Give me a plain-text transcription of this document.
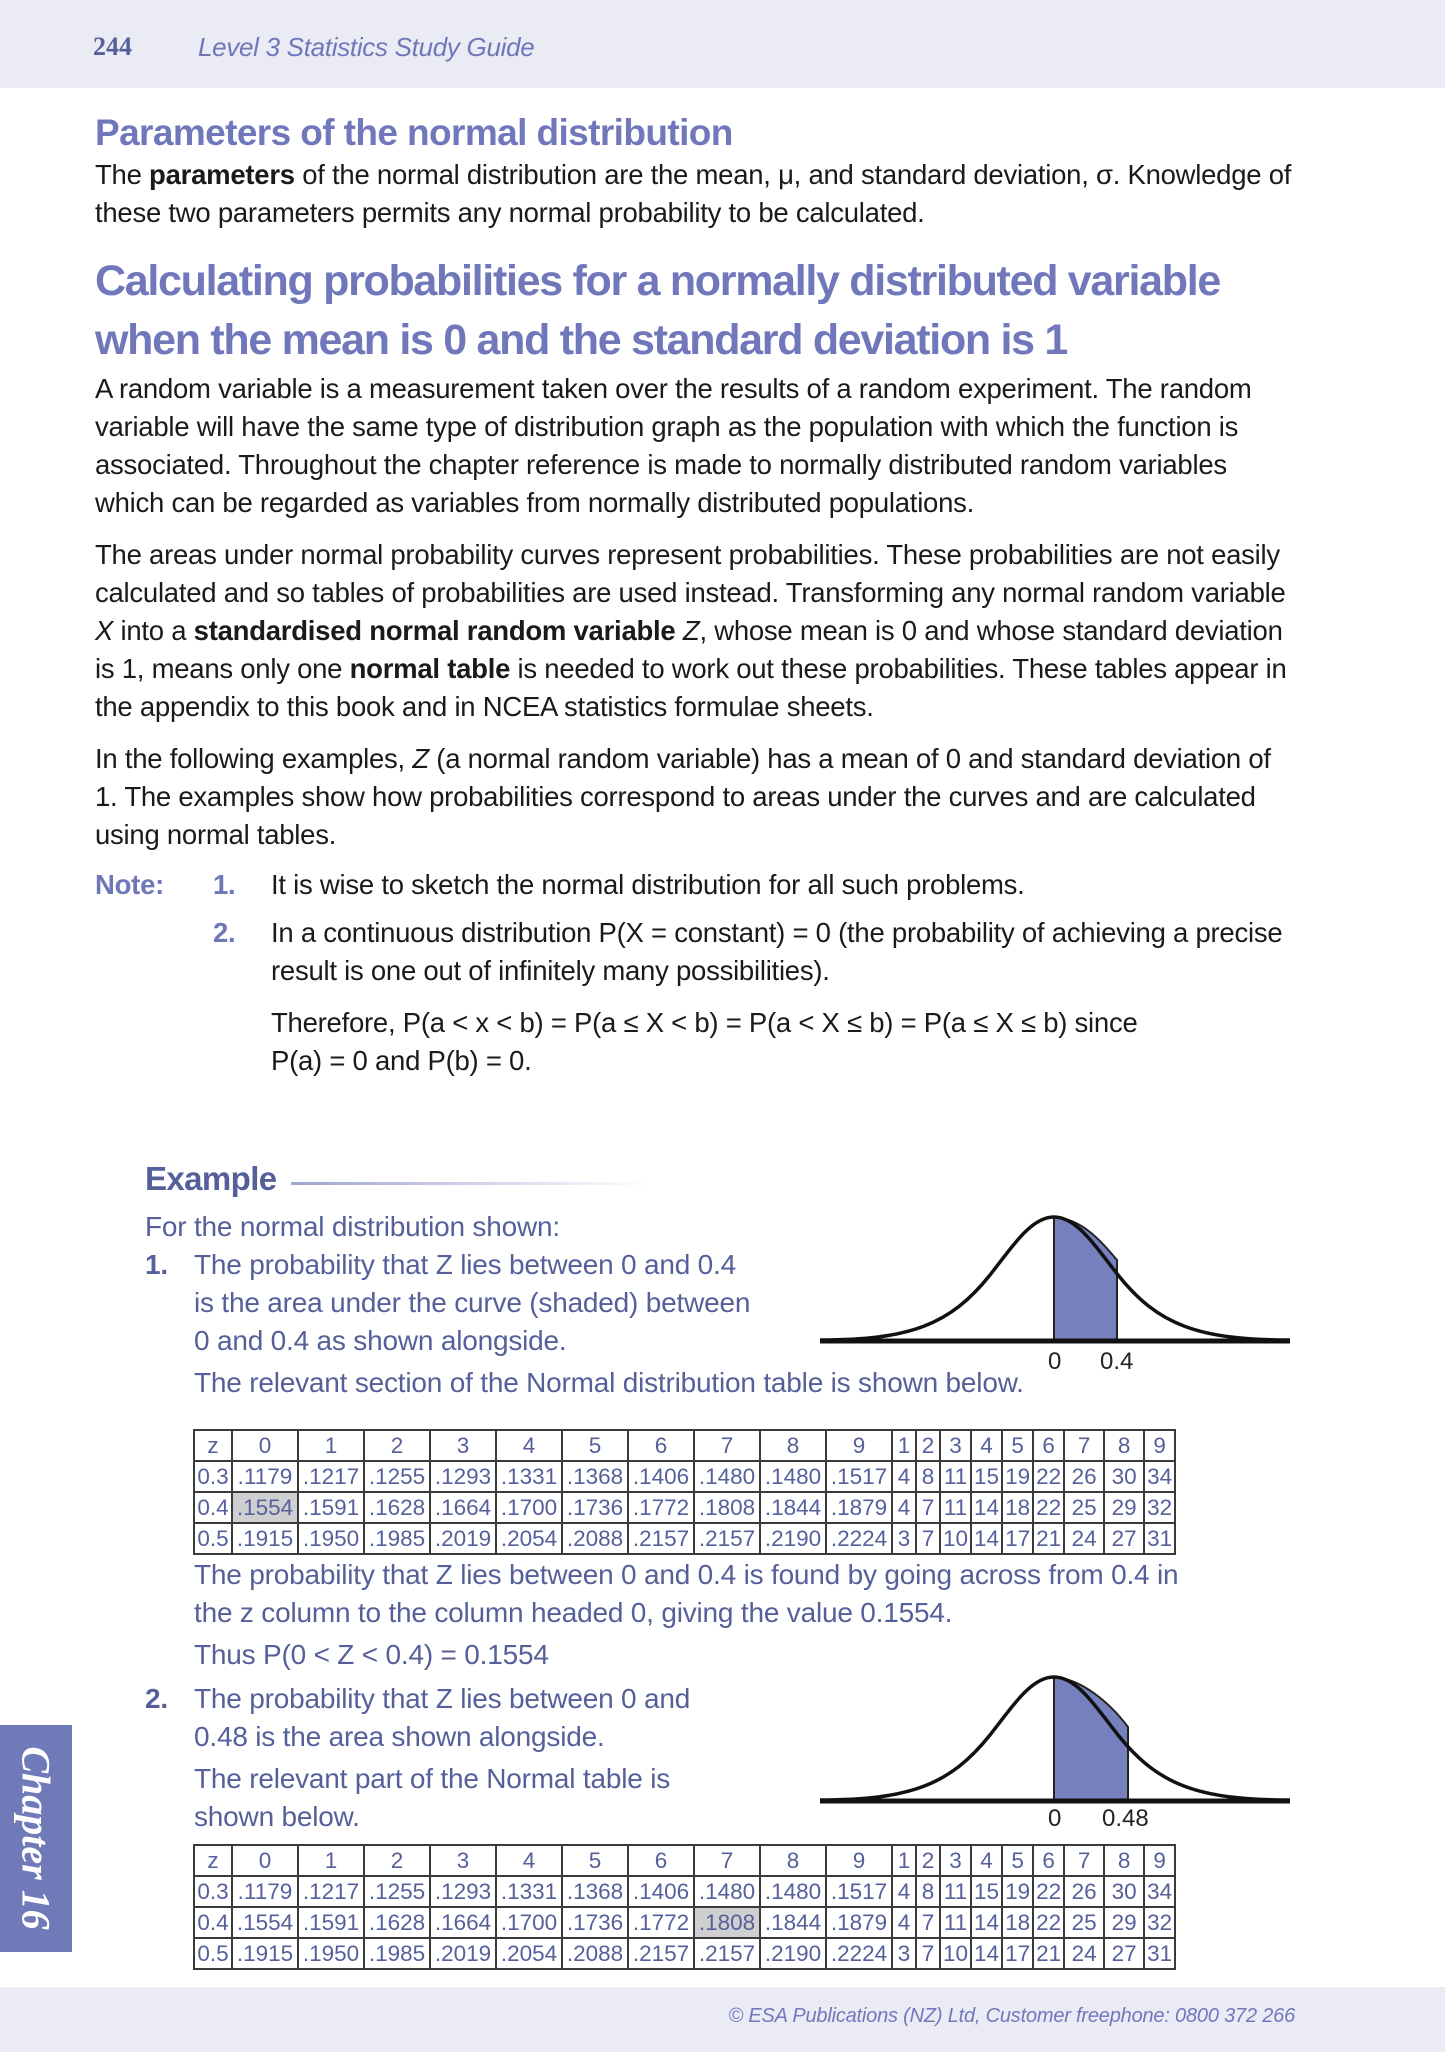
244	Level 3 Statistics Study Guide
Parameters of the normal distribution
The parameters of the normal distribution are the mean, μ, and standard deviation, σ. Knowledge of these two parameters permits any normal probability to be calculated.
Calculating probabilities for a normally distributed variable
when the mean is 0 and the standard deviation is 1
A random variable is a measurement taken over the results of a random experiment. The random variable will have the same type of distribution graph as the population with which the function is associated. Throughout the chapter reference is made to normally distributed random variables which can be regarded as variables from normally distributed populations.
The areas under normal probability curves represent probabilities. These probabilities are not easily calculated and so tables of probabilities are used instead. Transforming any normal random variable X into a standardised normal random variable Z, whose mean is 0 and whose standard deviation is 1, means only one normal table is needed to work out these probabilities. These tables appear in the appendix to this book and in NCEA statistics formulae sheets.
In the following examples, Z (a normal random variable) has a mean of 0 and standard deviation of 1. The examples show how probabilities correspond to areas under the curves and are calculated using normal tables.
Note:	1.	It is wise to sketch the normal distribution for all such problems.
2.	In a continuous distribution P(X = constant) = 0 (the probability of achieving a precise result is one out of infinitely many possibilities).
Therefore, P(a < x < b) = P(a ≤ X < b) = P(a < X ≤ b) = P(a ≤ X ≤ b) since
P(a) = 0 and P(b) = 0.
Example
For the normal distribution shown:
1. The probability that Z lies between 0 and 0.4
is the area under the curve (shaded) between
0 and 0.4 as shown alongside.
The relevant section of the Normal distribution table is shown below.
0 0.4
z	0	1	2	3	4	5	6	7	8	9	1	2	3	4	5	6	7	8	9
0.3	.1179	.1217	.1255	.1293	.1331	.1368	.1406	.1480	.1480	.1517	4	8	11	15	19	22	26	30	34
0.4	.1554	.1591	.1628	.1664	.1700	.1736	.1772	.1808	.1844	.1879	4	7	11	14	18	22	25	29	32
0.5	.1915	.1950	.1985	.2019	.2054	.2088	.2157	.2157	.2190	.2224	3	7	10	14	17	21	24	27	31
The probability that Z lies between 0 and 0.4 is found by going across from 0.4 in
the z column to the column headed 0, giving the value 0.1554.
Thus P(0 < Z < 0.4) = 0.1554
2. The probability that Z lies between 0 and
0.48 is the area shown alongside.
The relevant part of the Normal table is
shown below.	0 0.48
z	0	1	2	3	4	5	6	7	8	9	1	2	3	4	5	6	7	8	9
0.3	.1179	.1217	.1255	.1293	.1331	.1368	.1406	.1480	.1480	.1517	4	8	11	15	19	22	26	30	34
0.4	.1554	.1591	.1628	.1664	.1700	.1736	.1772	.1808	.1844	.1879	4	7	11	14	18	22	25	29	32
0.5	.1915	.1950	.1985	.2019	.2054	.2088	.2157	.2157	.2190	.2224	3	7	10	14	17	21	24	27	31
Chapter 16
© ESA Publications (NZ) Ltd, Customer freephone: 0800 372 266
